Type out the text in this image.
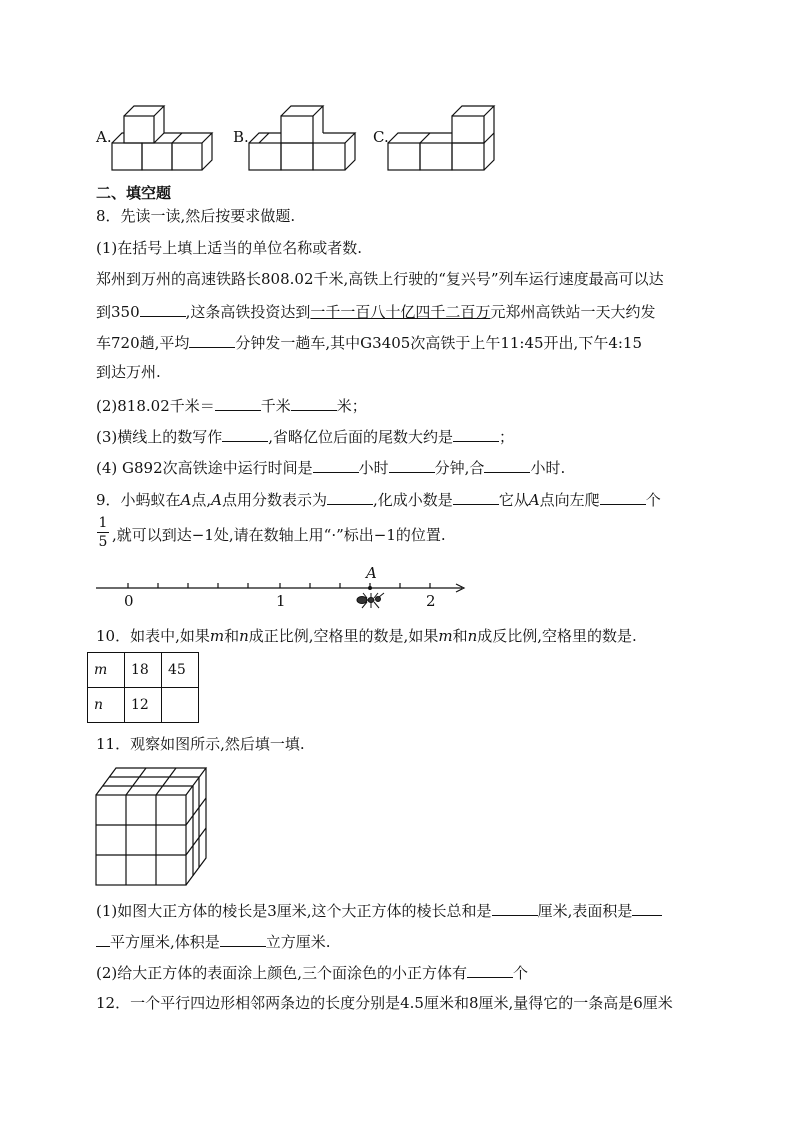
A.	B.	C.
二、填空题
8．先读一读,然后按要求做题.
(1)在括号上填上适当的单位名称或者数.
郑州到万州的高速铁路长808.02千米,高铁上行驶的“复兴号”列车运行速度最高可以达
到350	,这条高铁投资达到一千一百八十亿四千二百万元郑州高铁站一天大约发
车720趟,平均	分钟发一趟车,其中G3405次高铁于上午11:45开出,下午4:15
到达万州.
(2)818.02千米＝	千米	米；
(3)横线上的数写作	,省略亿位后面的尾数大约是	；
(4) G892次高铁途中运行时间是	小时	分钟,合	小时.
9．小蚂蚁在A点,A点用分数表示为	,化成小数是	它从A点向左爬	个
1
5 ,就可以到达−1处,请在数轴上用“·”标出−1的位置.
0	1	2
A
10．如表中,如果m和n成正比例,空格里的数是,如果m和n成反比例,空格里的数是.
m	18	45
n	12	
11．观察如图所示,然后填一填.
(1)如图大正方体的棱长是3厘米,这个大正方体的棱长总和是	厘米,表面积是
平方厘米,体积是	立方厘米.
(2)给大正方体的表面涂上颜色,三个面涂色的小正方体有	个
12．一个平行四边形相邻两条边的长度分别是4.5厘米和8厘米,量得它的一条高是6厘米
